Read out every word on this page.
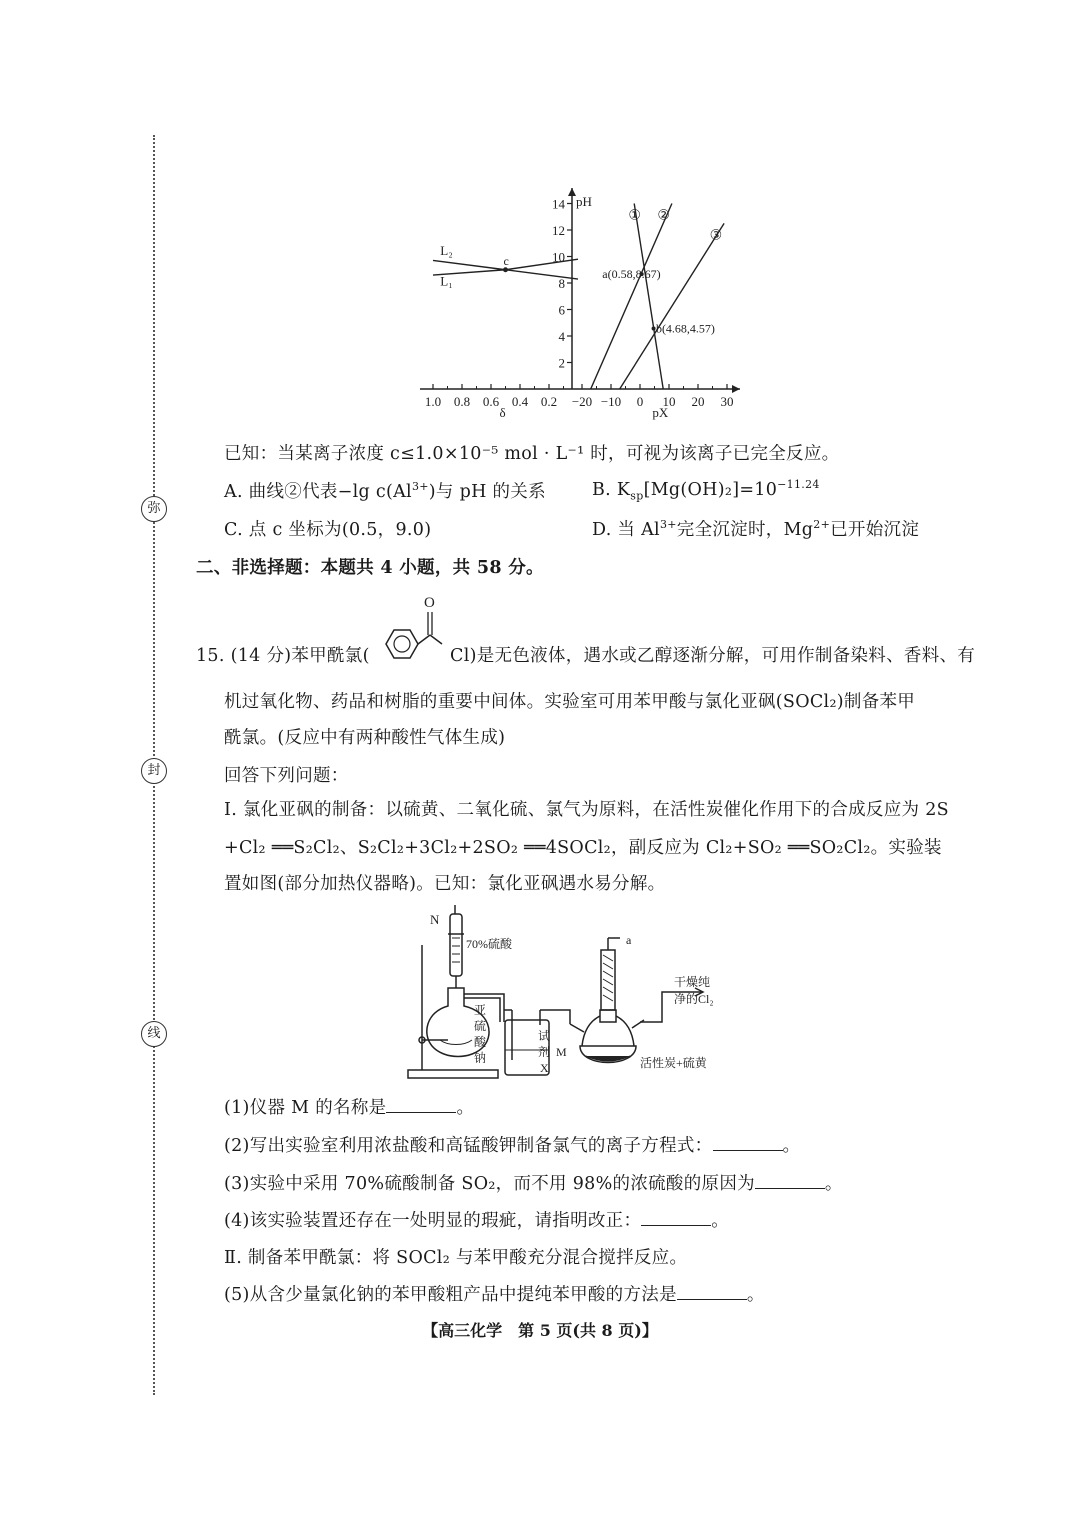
弥
封
线
14
12
10
8
6
4
2
pH
1.0 0.8 0.6 0.4 0.2
δ
−20 −10 0 10 20 30
pX
① ②
③
L₂
L₁
c
a(0.58,8.67)
b(4.68,4.57)
已知：当某离子浓度 c≤1.0×10⁻⁵ mol · L⁻¹ 时，可视为该离子已完全反应。
A. 曲线②代表−lg $c(Al^{3+})$与 pH 的关系	B. $K_{sp}[Mg(OH)_2]=10^{-11.24}$
C. 点 c 坐标为(0.5，9.0)	D. 当 $Al^{3+}$完全沉淀时，$Mg^{2+}$已开始沉淀
二、非选择题：本题共 4 小题，共 58 分。
15. (14 分)苯甲酰氯(
O
Cl)是无色液体，遇水或乙醇逐渐分解，可用作制备染料、香料、有
机过氧化物、药品和树脂的重要中间体。实验室可用苯甲酸与氯化亚砜(SOCl₂)制备苯甲
酰氯。(反应中有两种酸性气体生成)
回答下列问题：
Ⅰ. 氯化亚砜的制备：以硫黄、二氧化硫、氯气为原料，在活性炭催化作用下的合成反应为 2S
+Cl₂ ══S₂Cl₂、S₂Cl₂+3Cl₂+2SO₂ ══4SOCl₂，副反应为 Cl₂+SO₂ ══SO₂Cl₂。实验装
置如图(部分加热仪器略)。已知：氯化亚砜遇水易分解。
N
70%硫酸
亚
硫
酸
钠
试
剂
X
M
a
干燥纯
净的Cl₂
活性炭+硫黄
(1)仪器 M 的名称是	。
(2)写出实验室利用浓盐酸和高锰酸钾制备氯气的离子方程式：	。
(3)实验中采用 70%硫酸制备 SO₂，而不用 98%的浓硫酸的原因为	。
(4)该实验装置还存在一处明显的瑕疵，请指明改正：	。
Ⅱ. 制备苯甲酰氯：将 SOCl₂ 与苯甲酸充分混合搅拌反应。
(5)从含少量氯化钠的苯甲酸粗产品中提纯苯甲酸的方法是	。
【高三化学　第 5 页(共 8 页)】
